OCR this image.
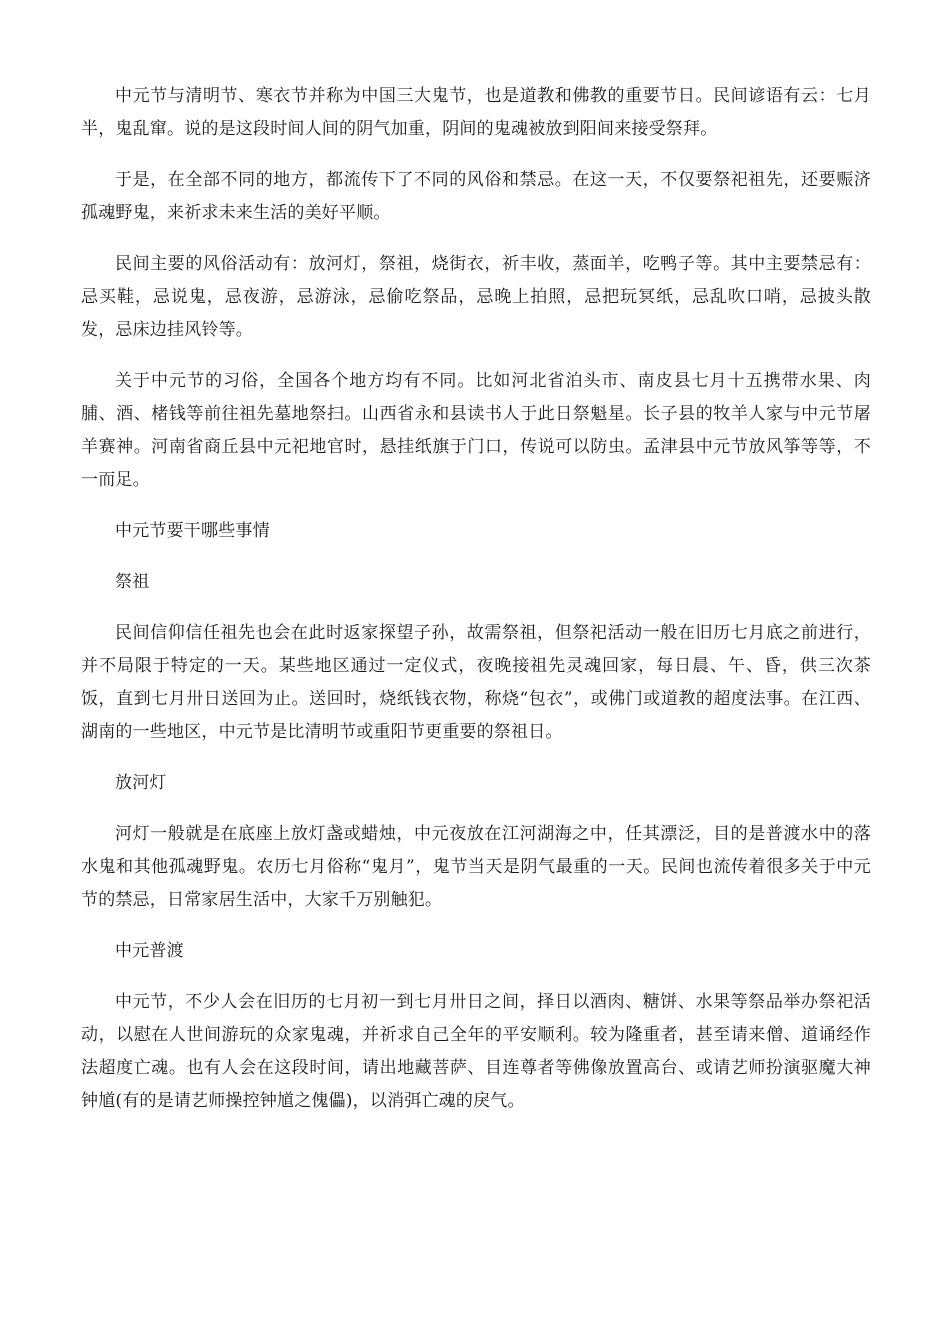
中元节与清明节、寒衣节并称为中国三大鬼节，也是道教和佛教的重要节日。民间谚语有云：七月半，鬼乱窜。说的是这段时间人间的阴气加重，阴间的鬼魂被放到阳间来接受祭拜。

于是，在全部不同的地方，都流传下了不同的风俗和禁忌。在这一天，不仅要祭祀祖先，还要赈济孤魂野鬼，来祈求未来生活的美好平顺。

民间主要的风俗活动有：放河灯，祭祖，烧街衣，祈丰收，蒸面羊，吃鸭子等。其中主要禁忌有：忌买鞋，忌说鬼，忌夜游，忌游泳，忌偷吃祭品，忌晚上拍照，忌把玩冥纸，忌乱吹口哨，忌披头散发，忌床边挂风铃等。

关于中元节的习俗，全国各个地方均有不同。比如河北省泊头市、南皮县七月十五携带水果、肉脯、酒、楮钱等前往祖先墓地祭扫。山西省永和县读书人于此日祭魁星。长子县的牧羊人家与中元节屠羊赛神。河南省商丘县中元祀地官时，悬挂纸旗于门口，传说可以防虫。孟津县中元节放风筝等等，不一而足。

中元节要干哪些事情

祭祖

民间信仰信任祖先也会在此时返家探望子孙，故需祭祖，但祭祀活动一般在旧历七月底之前进行，并不局限于特定的一天。某些地区通过一定仪式，夜晚接祖先灵魂回家，每日晨、午、昏，供三次茶饭，直到七月卅日送回为止。送回时，烧纸钱衣物，称烧“包衣”，或佛门或道教的超度法事。在江西、湖南的一些地区，中元节是比清明节或重阳节更重要的祭祖日。

放河灯

河灯一般就是在底座上放灯盏或蜡烛，中元夜放在江河湖海之中，任其漂泛，目的是普渡水中的落水鬼和其他孤魂野鬼。农历七月俗称“鬼月”，鬼节当天是阴气最重的一天。民间也流传着很多关于中元节的禁忌，日常家居生活中，大家千万别触犯。

中元普渡

中元节，不少人会在旧历的七月初一到七月卅日之间，择日以酒肉、糖饼、水果等祭品举办祭祀活动，以慰在人世间游玩的众家鬼魂，并祈求自己全年的平安顺利。较为隆重者，甚至请来僧、道诵经作法超度亡魂。也有人会在这段时间，请出地藏菩萨、目连尊者等佛像放置高台、或请艺师扮演驱魔大神钟馗(有的是请艺师操控钟馗之傀儡)，以消弭亡魂的戾气。
